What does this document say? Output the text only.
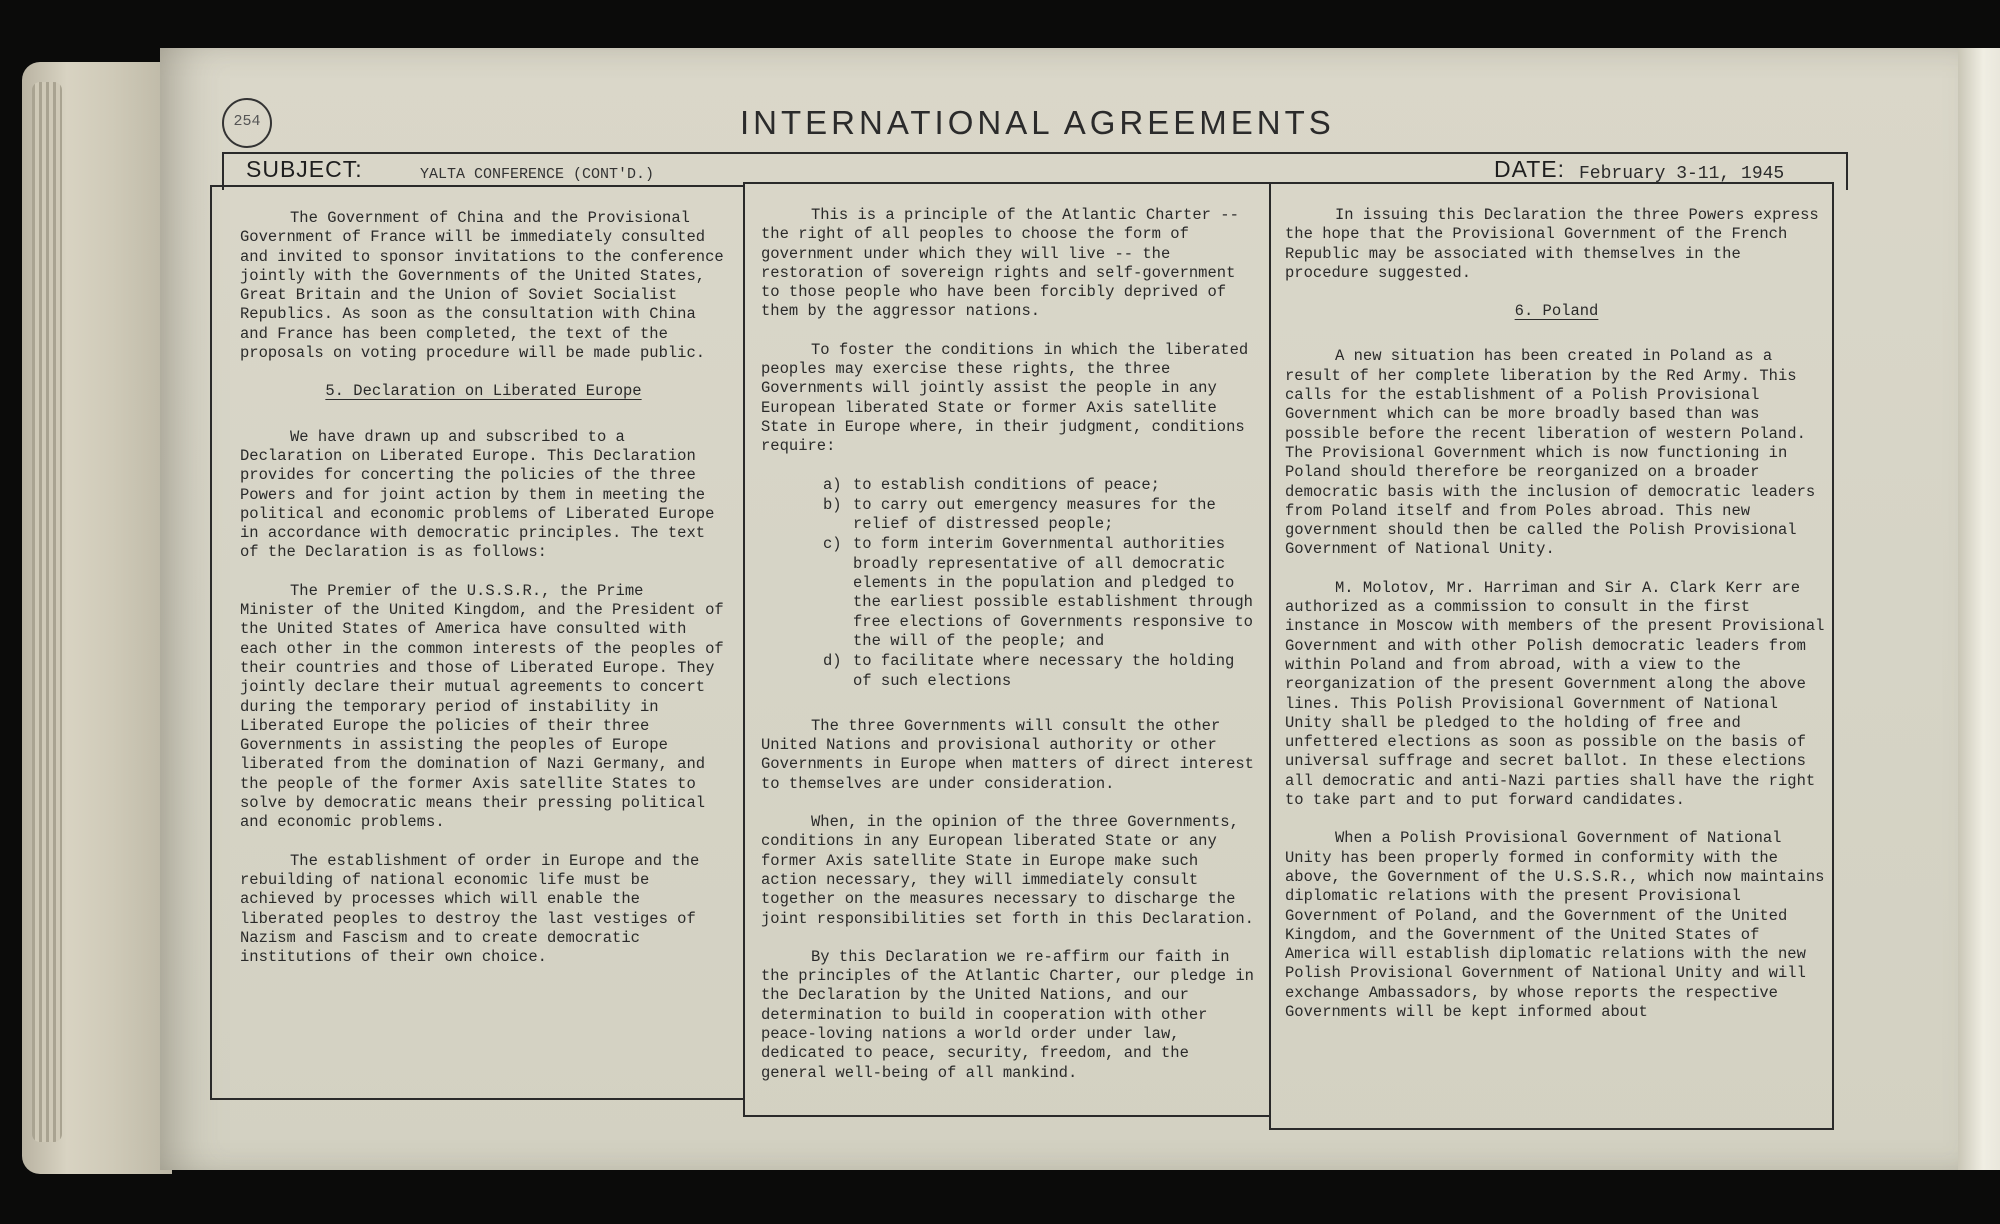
254	INTERNATIONAL AGREEMENTS
SUBJECT:	YALTA CONFERENCE (CONT'D.)	DATE: February 3-11, 1945

The Government of China and the Provisional Government of France will be immediately consulted and invited to sponsor invitations to the conference jointly with the Governments of the United States, Great Britain and the Union of Soviet Socialist Republics. As soon as the consultation with China and France has been completed, the text of the proposals on voting procedure will be made public.

5. Declaration on Liberated Europe

We have drawn up and subscribed to a Declaration on Liberated Europe. This Declaration provides for concerting the policies of the three Powers and for joint action by them in meeting the political and economic problems of Liberated Europe in accordance with democratic principles. The text of the Declaration is as follows:

The Premier of the U.S.S.R., the Prime Minister of the United Kingdom, and the President of the United States of America have consulted with each other in the common interests of the peoples of their countries and those of Liberated Europe. They jointly declare their mutual agreements to concert during the temporary period of instability in Liberated Europe the policies of their three Governments in assisting the peoples of Europe liberated from the domination of Nazi Germany, and the people of the former Axis satellite States to solve by democratic means their pressing political and economic problems.

The establishment of order in Europe and the rebuilding of national economic life must be achieved by processes which will enable the liberated peoples to destroy the last vestiges of Nazism and Fascism and to create democratic institutions of their own choice.

This is a principle of the Atlantic Charter -- the right of all peoples to choose the form of government under which they will live -- the restoration of sovereign rights and self-government to those people who have been forcibly deprived of them by the aggressor nations.

To foster the conditions in which the liberated peoples may exercise these rights, the three Governments will jointly assist the people in any European liberated State or former Axis satellite State in Europe where, in their judgment, conditions require:

a) to establish conditions of peace;
b) to carry out emergency measures for the relief of distressed people;
c) to form interim Governmental authorities broadly representative of all democratic elements in the population and pledged to the earliest possible establishment through free elections of Governments responsive to the will of the people; and
d) to facilitate where necessary the holding of such elections

The three Governments will consult the other United Nations and provisional authority or other Governments in Europe when matters of direct interest to themselves are under consideration.

When, in the opinion of the three Governments, conditions in any European liberated State or any former Axis satellite State in Europe make such action necessary, they will immediately consult together on the measures necessary to discharge the joint responsibilities set forth in this Declaration.

By this Declaration we re-affirm our faith in the principles of the Atlantic Charter, our pledge in the Declaration by the United Nations, and our determination to build in cooperation with other peace-loving nations a world order under law, dedicated to peace, security, freedom, and the general well-being of all mankind.

In issuing this Declaration the three Powers express the hope that the Provisional Government of the French Republic may be associated with themselves in the procedure suggested.

6. Poland

A new situation has been created in Poland as a result of her complete liberation by the Red Army. This calls for the establishment of a Polish Provisional Government which can be more broadly based than was possible before the recent liberation of western Poland. The Provisional Government which is now functioning in Poland should therefore be reorganized on a broader democratic basis with the inclusion of democratic leaders from Poland itself and from Poles abroad. This new government should then be called the Polish Provisional Government of National Unity.

M. Molotov, Mr. Harriman and Sir A. Clark Kerr are authorized as a commission to consult in the first instance in Moscow with members of the present Provisional Government and with other Polish democratic leaders from within Poland and from abroad, with a view to the reorganization of the present Government along the above lines. This Polish Provisional Government of National Unity shall be pledged to the holding of free and unfettered elections as soon as possible on the basis of universal suffrage and secret ballot. In these elections all democratic and anti-Nazi parties shall have the right to take part and to put forward candidates.

When a Polish Provisional Government of National Unity has been properly formed in conformity with the above, the Government of the U.S.S.R., which now maintains diplomatic relations with the present Provisional Government of Poland, and the Government of the United Kingdom, and the Government of the United States of America will establish diplomatic relations with the new Polish Provisional Government of National Unity and will exchange Ambassadors, by whose reports the respective Governments will be kept informed about
